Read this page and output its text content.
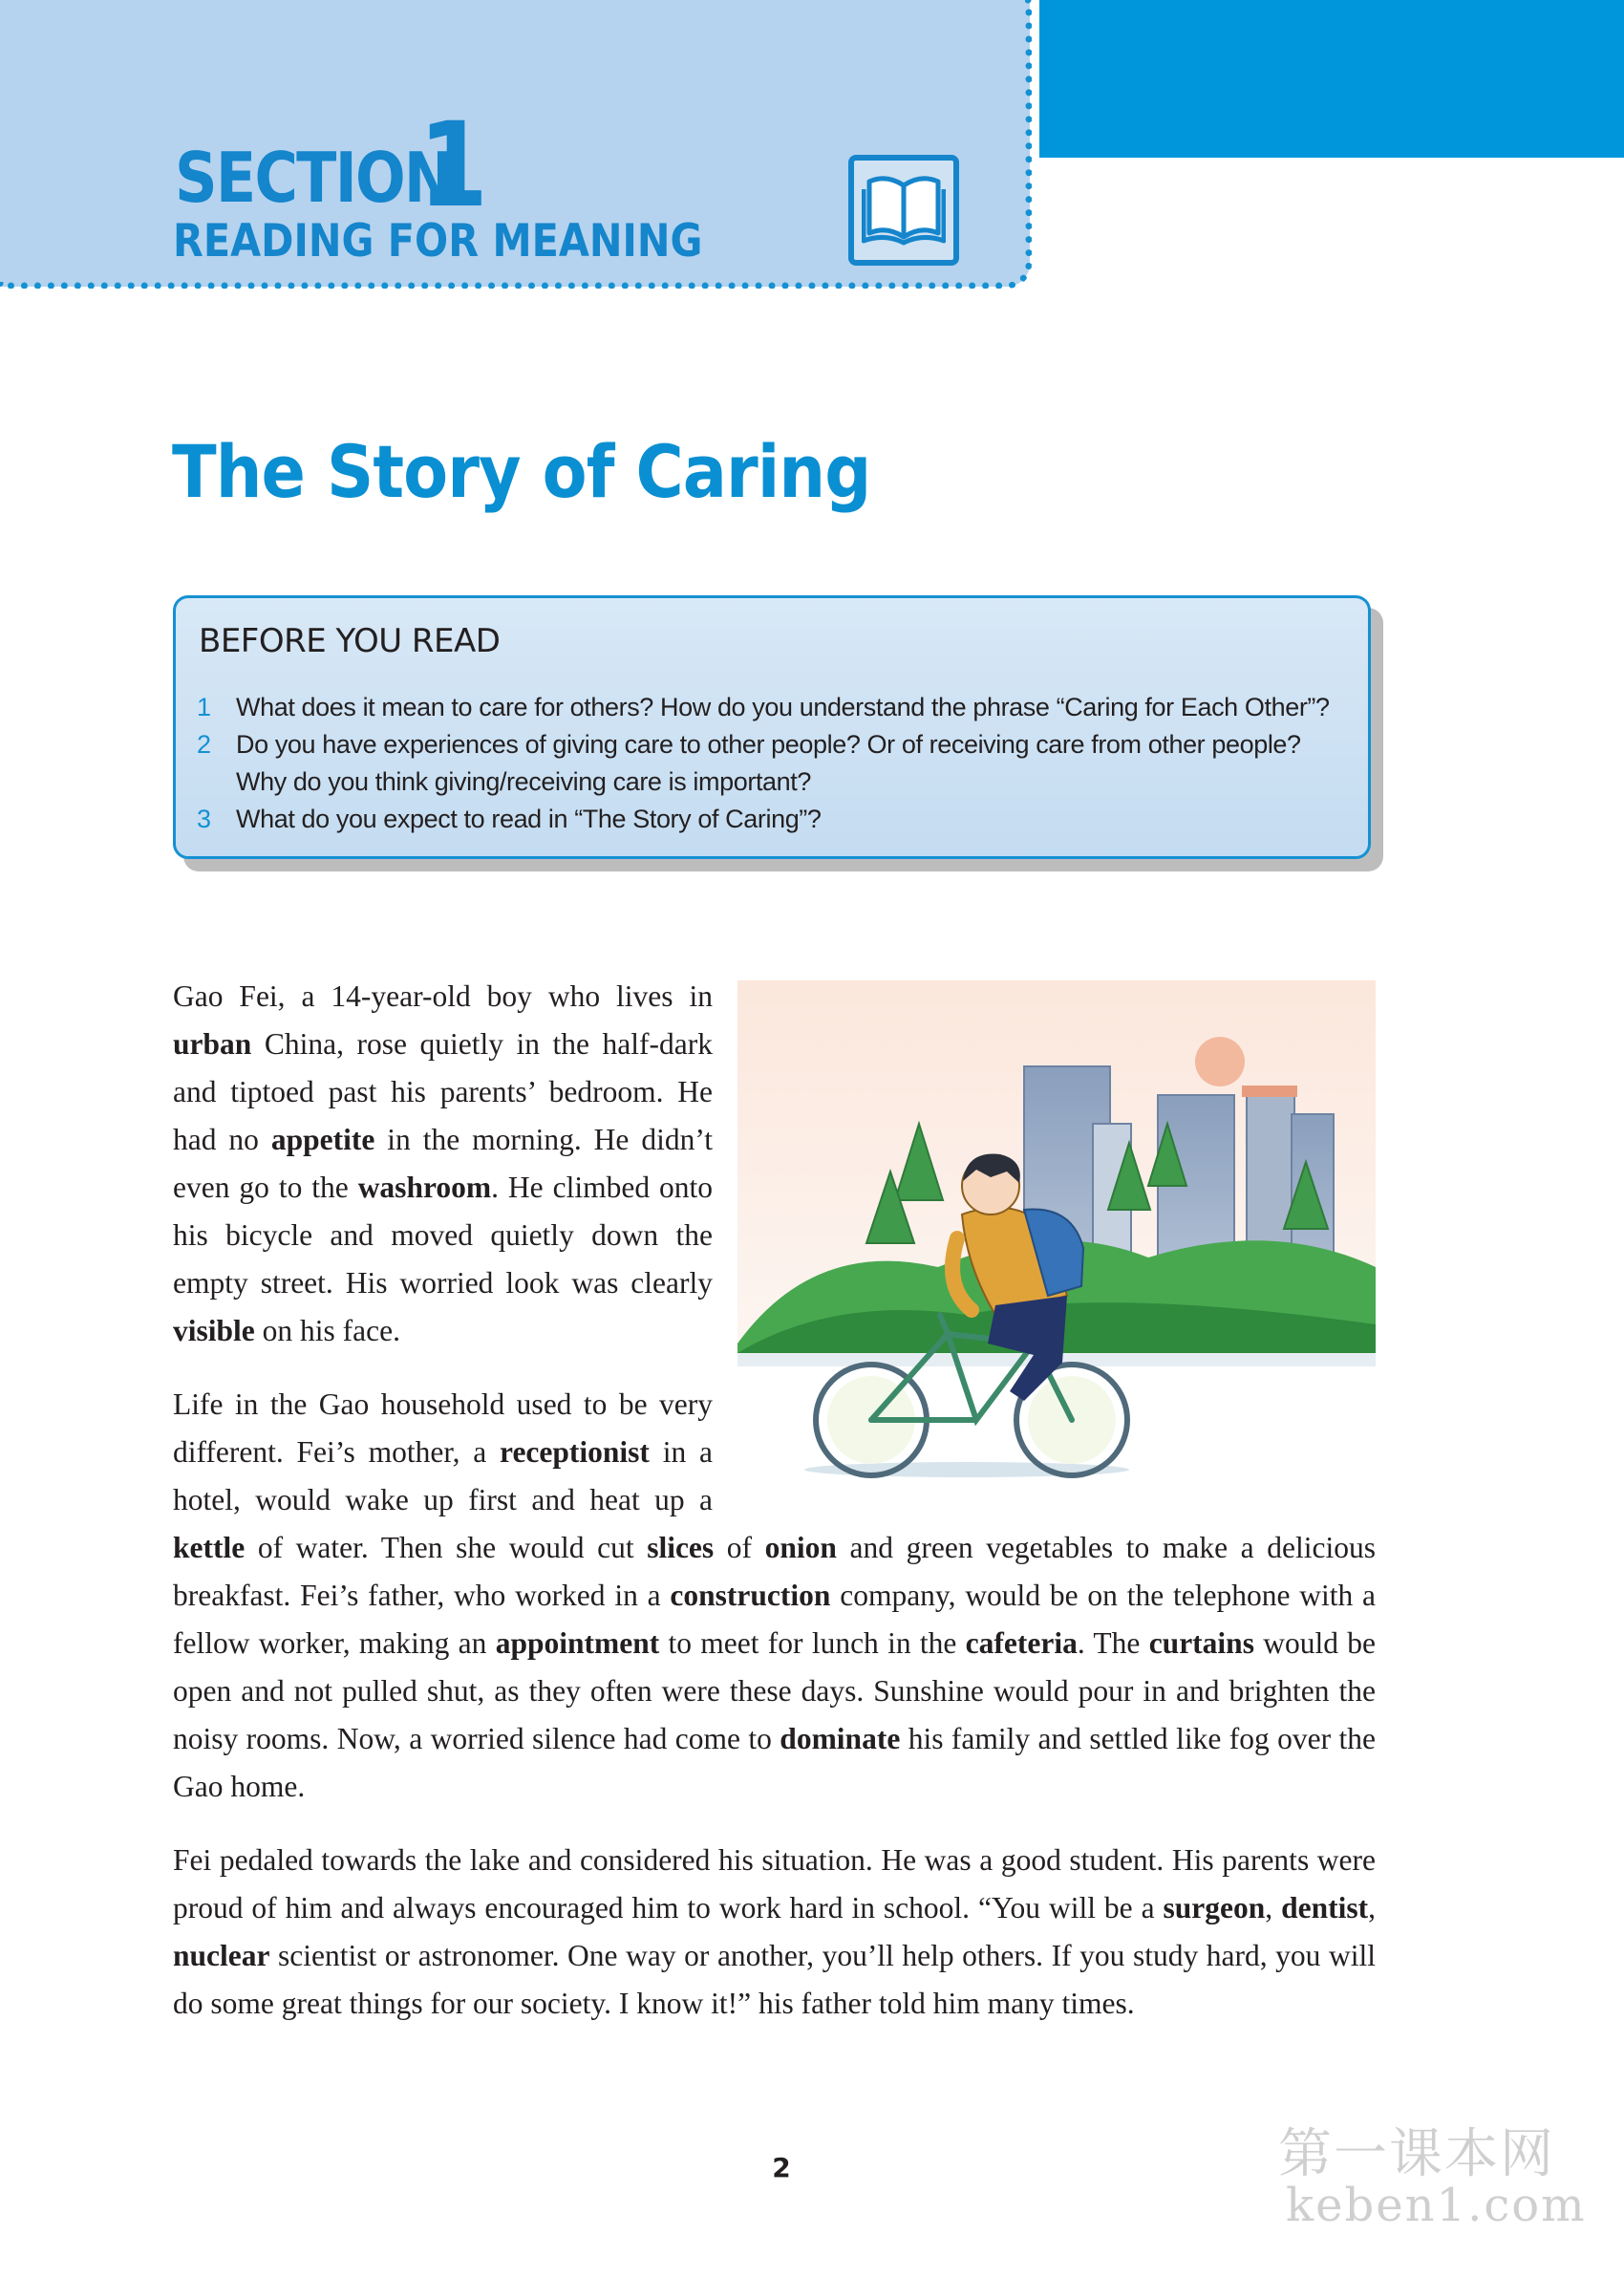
SECTION
1
READING FOR MEANING
The Story of Caring
BEFORE YOU READ
1 What does it mean to care for others? How do you understand the phrase “Caring for Each Other”?
2 Do you have experiences of giving care to other people? Or of receiving care from other people? Why do you think giving/receiving care is important?
3 What do you expect to read in “The Story of Caring”?

Gao Fei, a 14-year-old boy who lives in urban China, rose quietly in the half-dark and tiptoed past his parents’ bedroom. He had no appetite in the morning. He didn’t even go to the washroom. He climbed onto his bicycle and moved quietly down the empty street. His worried look was clearly visible on his face.

Life in the Gao household used to be very different. Fei’s mother, a receptionist in a hotel, would wake up first and heat up a kettle of water. Then she would cut slices of onion and green vegetables to make a delicious breakfast. Fei’s father, who worked in a construction company, would be on the telephone with a fellow worker, making an appointment to meet for lunch in the cafeteria. The curtains would be open and not pulled shut, as they often were these days. Sunshine would pour in and brighten the noisy rooms. Now, a worried silence had come to dominate his family and settled like fog over the Gao home.

Fei pedaled towards the lake and considered his situation. He was a good student. His parents were proud of him and always encouraged him to work hard in school. “You will be a surgeon, dentist, nuclear scientist or astronomer. One way or another, you’ll help others. If you study hard, you will do some great things for our society. I know it!” his father told him many times.

2	第一课本网
keben1.com
